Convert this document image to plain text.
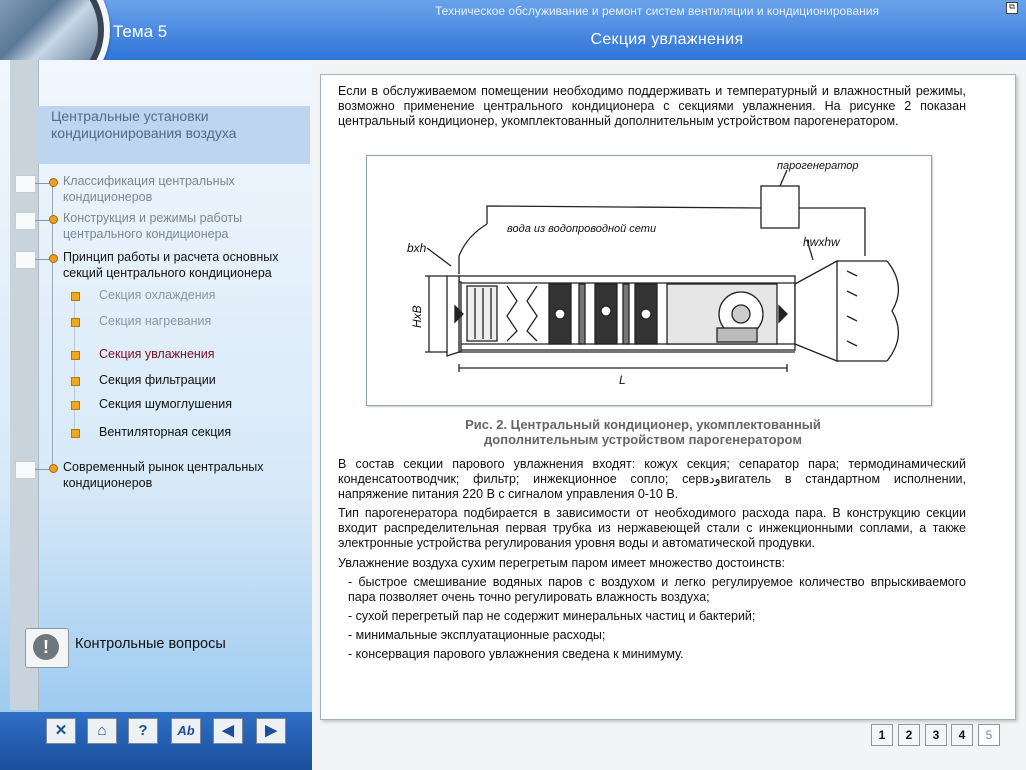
Тема 5
Техническое обслуживание и ремонт систем вентиляции и кондиционирования
Секция увлажнения
⧉
Центральные установки кондиционирования воздуха
Классификация центральных кондиционеров
Конструкция и режимы работы центрального кондиционера
Принцип работы и расчета основных секций центрального кондиционера
Современный рынок центральных кондиционеров
Секция охлаждения
Секция нагревания
Секция увлажнения
Секция фильтрации
Секция шумоглушения
Вентиляторная секция
!	Контрольные вопросы
✕	⌂	?	Ab	◀	▶
Если в обслуживаемом помещении необходимо поддерживать и температурный и влажностный режимы, возможно применение центрального кондиционера с секциями увлажнения. На рисунке 2 показан центральный кондиционер, укомплектованный дополнительным устройством парогенератором.
парогенератор
вода из водопроводной сети
bxh	hwxhw
HxB
L
Рис. 2. Центральный кондиционер, укомплектованный
дополнительным устройством парогенератором
В состав секции парового увлажнения входят: кожух секция; сепаратор пара; термодинамический конденсатоотводчик; фильтр; инжекционное сопло; сервودвигатель в стандартном исполнении, напряжение питания 220 В с сигналом управления 0-10 В.
Тип парогенератора подбирается в зависимости от необходимого расхода пара. В конструкцию секции входит распределительная первая трубка из нержавеющей стали с инжекционными соплами, а также электронные устройства регулирования уровня воды и автоматической продувки.
Увлажнение воздуха сухим перегретым паром имеет множество достоинств:
- быстрое смешивание водяных паров с воздухом и легко регулируемое количество впрыскиваемого пара позволяет очень точно регулировать влажность воздуха;
- сухой перегретый пар не содержит минеральных частиц и бактерий;
- минимальные эксплуатационные расходы;
- консервация парового увлажнения сведена к минимуму.
1	2	3	4	5
